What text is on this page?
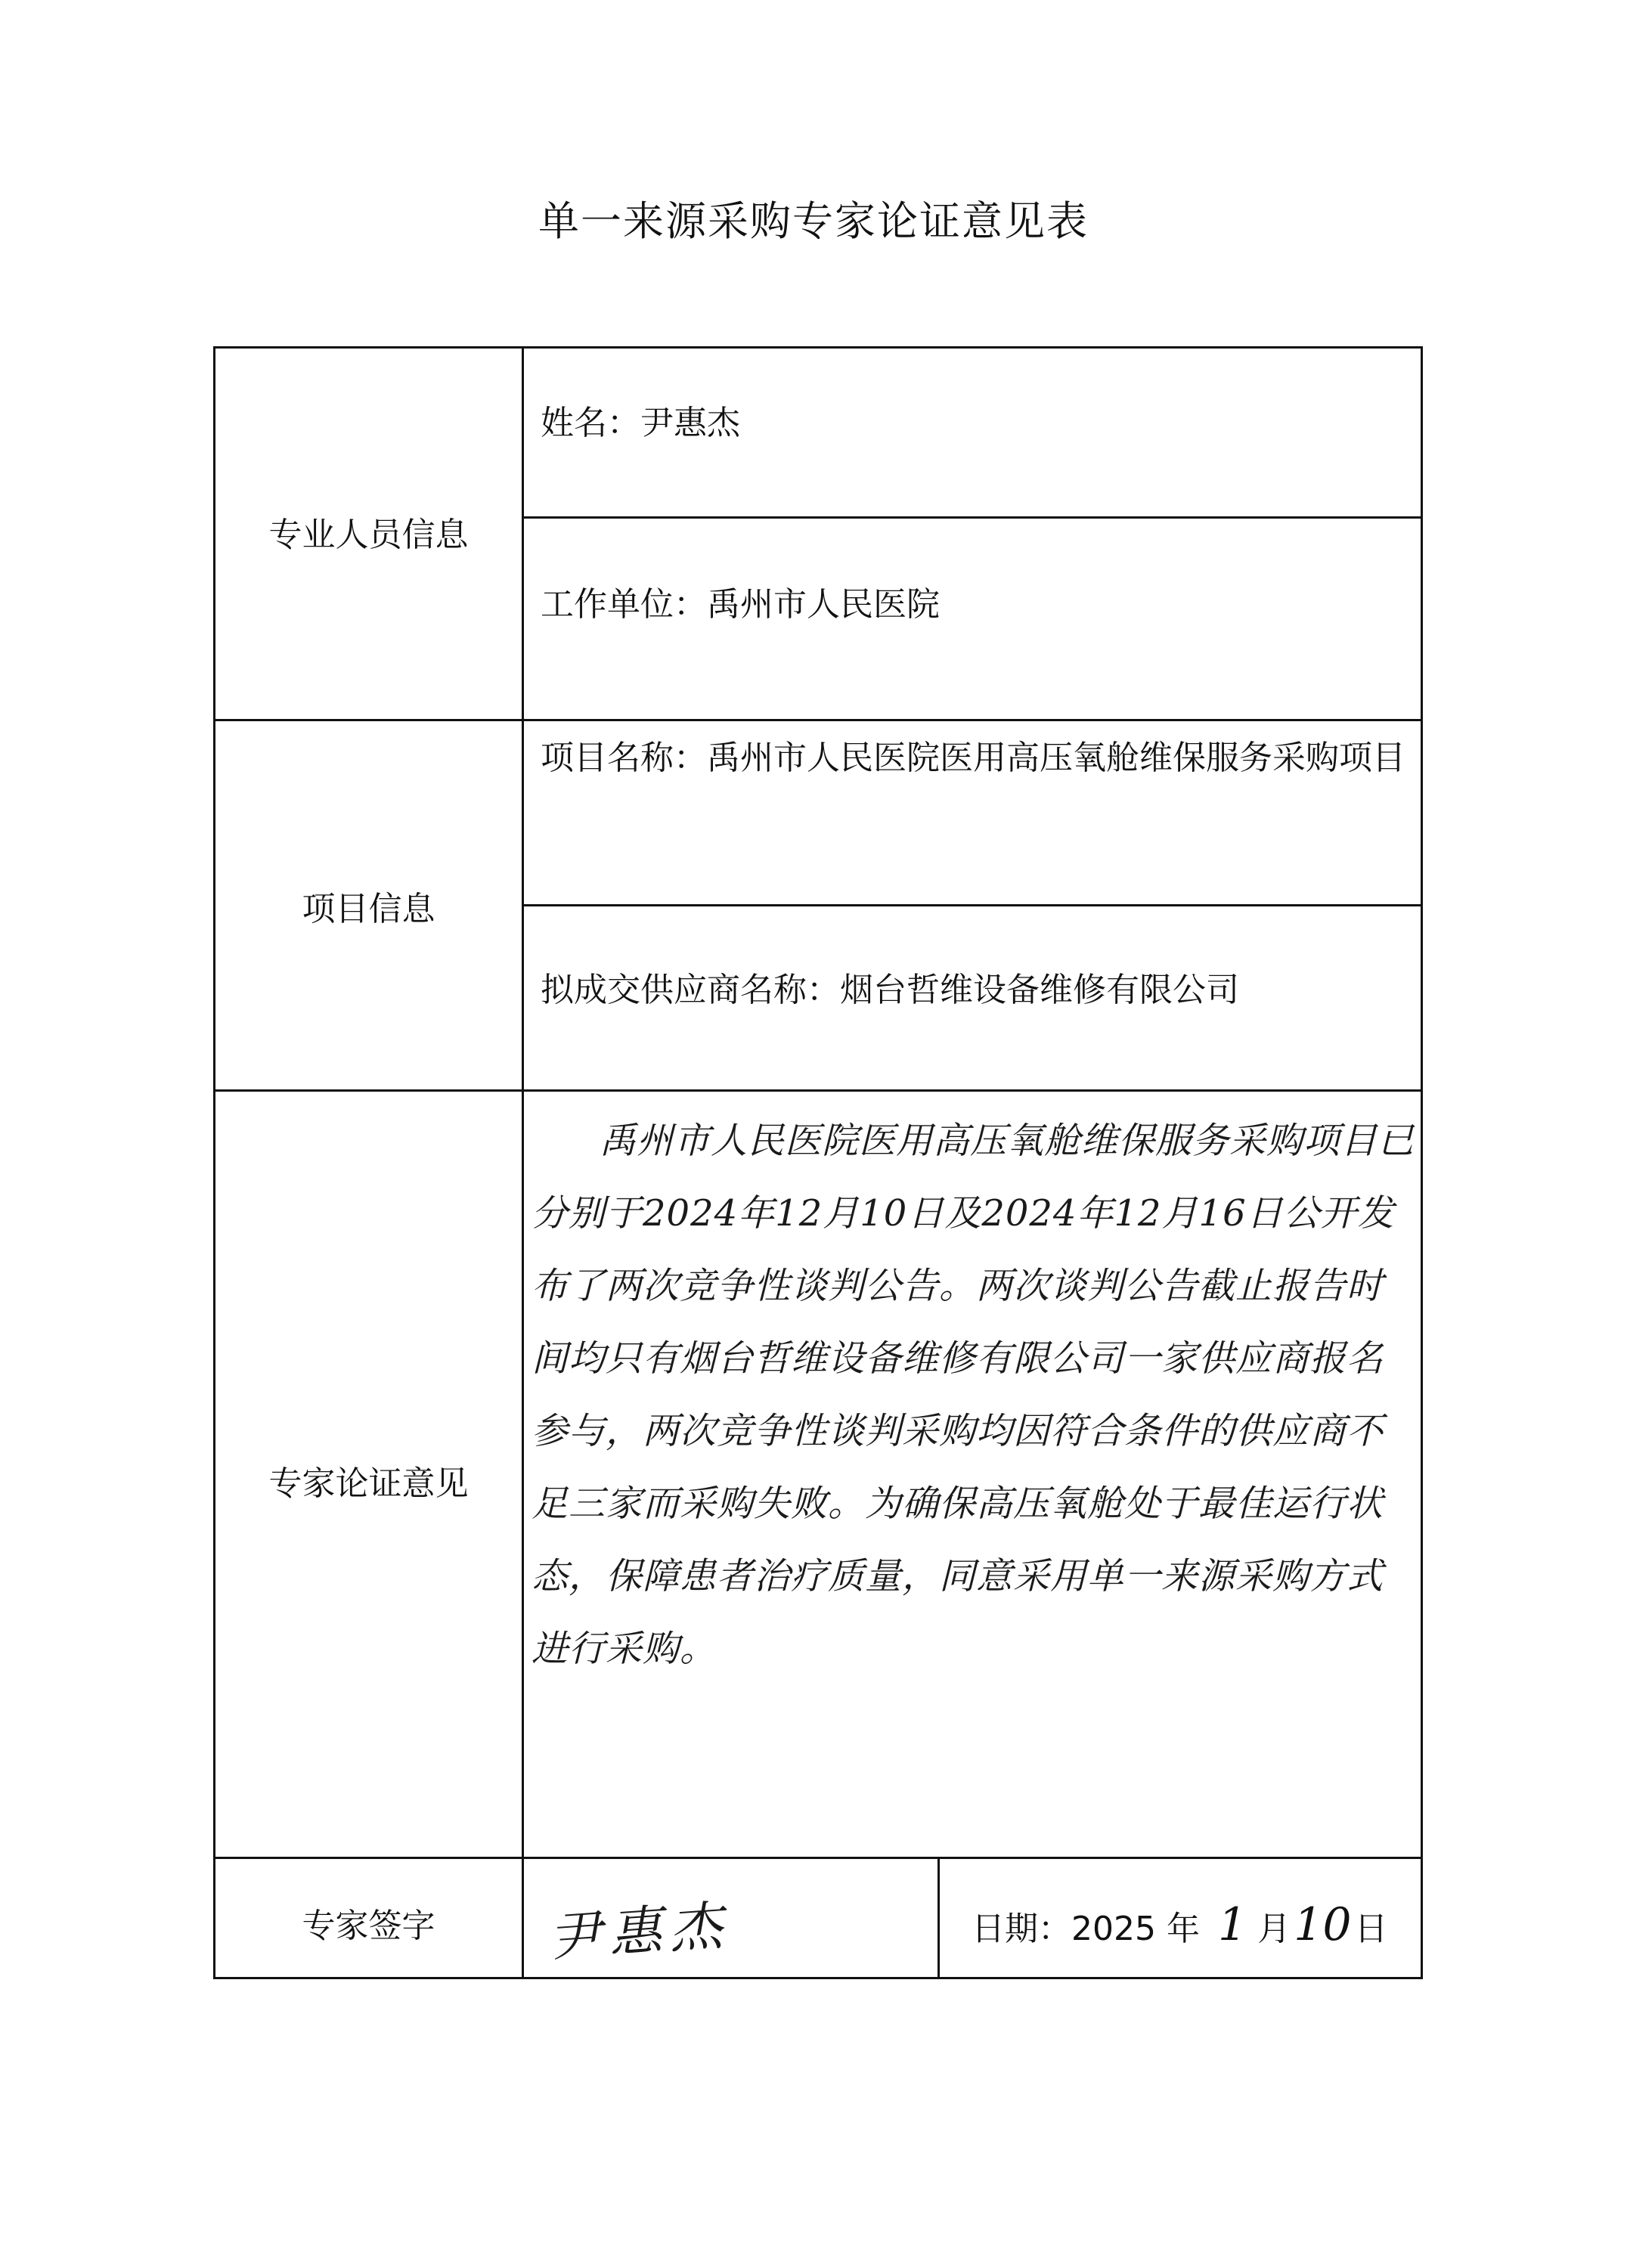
单一来源采购专家论证意见表
专业人员信息
姓名：尹惠杰
工作单位：禹州市人民医院
项目信息
项目名称：禹州市人民医院医用高压氧舱维保服务采购项目
拟成交供应商名称：烟台哲维设备维修有限公司
专家论证意见
禹州市人民医院医用高压氧舱维保服务采购项目已分别于2024年12月10日及2024年12月16日公开发布了两次竞争性谈判公告。两次谈判公告截止报告时间均只有烟台哲维设备维修有限公司一家供应商报名参与，两次竞争性谈判采购均因符合条件的供应商不足三家而采购失败。为确保高压氧舱处于最佳运行状态，保障患者治疗质量，同意采用单一来源采购方式进行采购。
专家签字	尹惠杰	日期：2025 年 1 月10日
